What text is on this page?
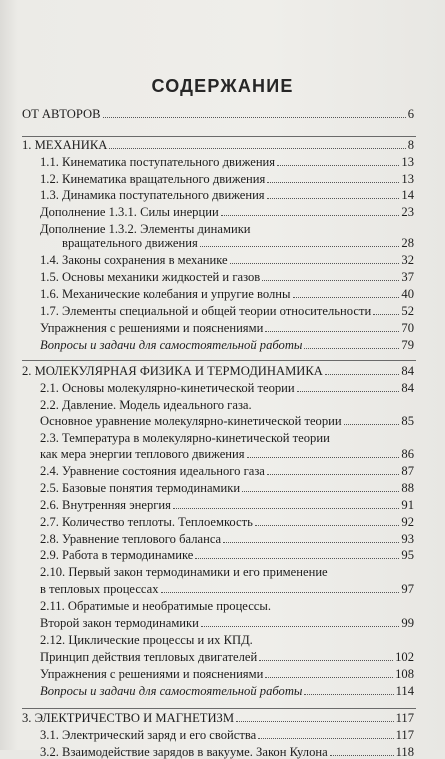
СОДЕРЖАНИЕ
ОТ АВТОРОВ	6
1. МЕХАНИКА	8
1.1. Кинематика поступательного движения	13
1.2. Кинематика вращательного движения	13
1.3. Динамика поступательного движения	14
Дополнение 1.3.1. Силы инерции	23
Дополнение 1.3.2. Элементы динамики
вращательного движения	28
1.4. Законы сохранения в механике	32
1.5. Основы механики жидкостей и газов	37
1.6. Механические колебания и упругие волны	40
1.7. Элементы специальной и общей теории относительности 52
Упражнения с решениями и пояснениями	70
Вопросы и задачи для самостоятельной работы	79
2. МОЛЕКУЛЯРНАЯ ФИЗИКА И ТЕРМОДИНАМИКА	84
2.1. Основы молекулярно-кинетической теории	84
2.2. Давление. Модель идеального газа.
Основное уравнение молекулярно-кинетической теории	85
2.3. Температура в молекулярно-кинетической теории
как мера энергии теплового движения	86
2.4. Уравнение состояния идеального газа	87
2.5. Базовые понятия термодинамики	88
2.6. Внутренняя энергия	91
2.7. Количество теплоты. Теплоемкость	92
2.8. Уравнение теплового баланса	93
2.9. Работа в термодинамике	95
2.10. Первый закон термодинамики и его применение
в тепловых процессах	97
2.11. Обратимые и необратимые процессы.
Второй закон термодинамики	99
2.12. Циклические процессы и их КПД.
Принцип действия тепловых двигателей	102
Упражнения с решениями и пояснениями	108
Вопросы и задачи для самостоятельной работы	114
3. ЭЛЕКТРИЧЕСТВО И МАГНЕТИЗМ	117
3.1. Электрический заряд и его свойства	117
3.2. Взаимодействие зарядов в вакууме. Закон Кулона	118
